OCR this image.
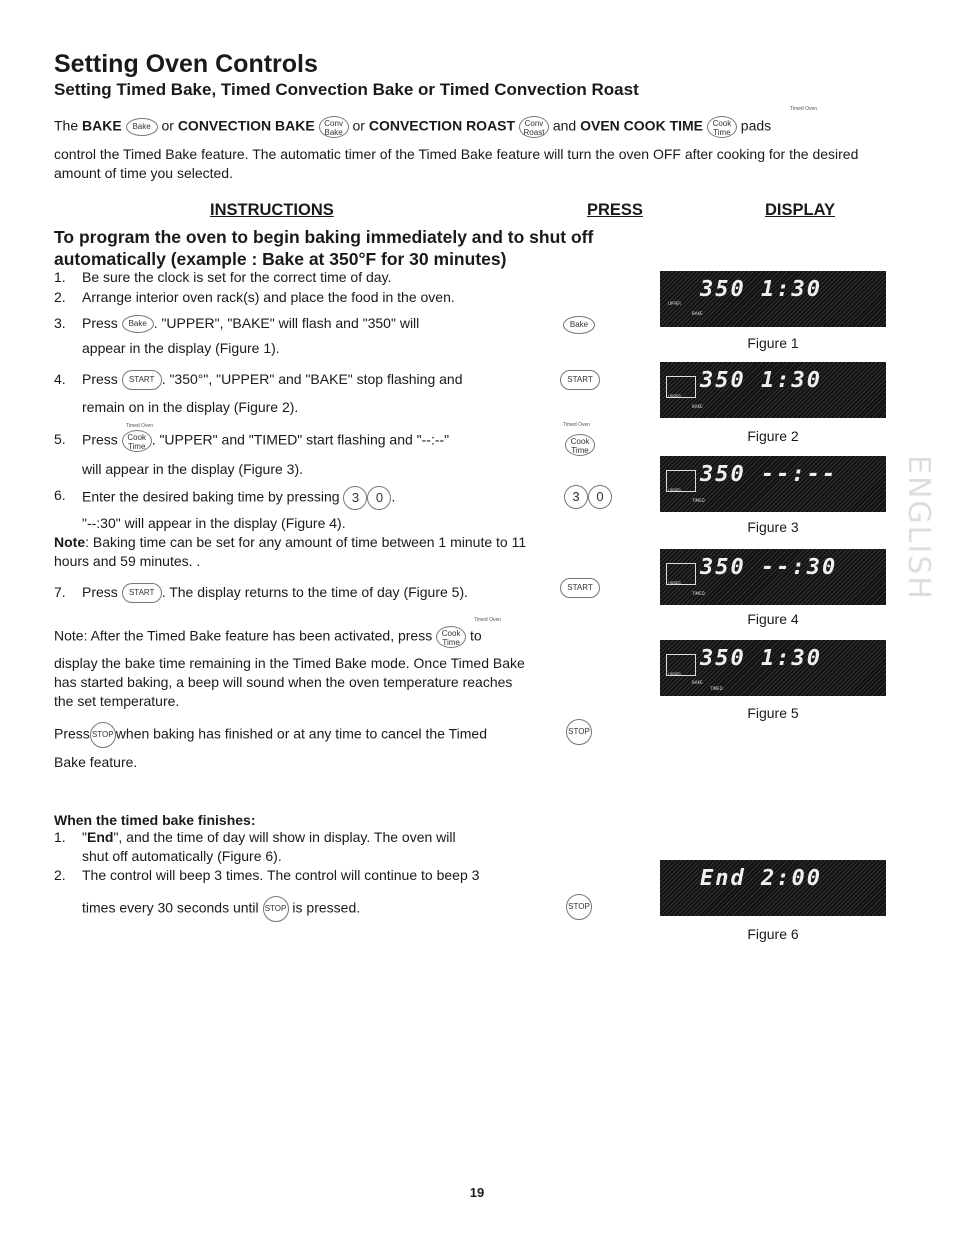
Setting Oven Controls
Setting Timed Bake, Timed Convection Bake or Timed Convection Roast
The BAKE Bake or CONVECTION BAKE Conv
Bake or CONVECTION ROAST Conv
Roast and OVEN COOK TIME Cook
Time pads
Timed Oven
control the Timed Bake feature. The automatic timer of the Timed Bake feature will turn the oven OFF after cooking for the desired amount of time you selected.
INSTRUCTIONS	PRESS	DISPLAY
To program the oven to begin baking immediately and to shut off
automatically (example : Bake at 350°F for 30 minutes)
1. Be sure the clock is set for the correct time of day.
2. Arrange interior oven rack(s) and place the food in the oven.
3. Press Bake . "UPPER", "BAKE" will flash and "350" will
appear in the display (Figure 1).
4. Press START . "350°", "UPPER" and "BAKE" stop flashing and
remain on in the display (Figure 2).
5. Press Cook
Time . "UPPER" and "TIMED" start flashing and "--:--"
will appear in the display (Figure 3).
Timed Oven
6. Enter the desired baking time by pressing 3 0 .
"--:30" will appear in the display (Figure 4).
Note: Baking time can be set for any amount of time between 1 minute to 11 hours and 59 minutes. .
7. Press START . The display returns to the time of day (Figure 5).
Note: After the Timed Bake feature has been activated, press Cook
Time to
Timed Oven
display the bake time remaining in the Timed Bake mode. Once Timed Bake has started baking, a beep will sound when the oven temperature reaches the set temperature.
Press STOP when baking has finished or at any time to cancel the Timed
Bake feature.
Bake
START
Timed Oven
Cook
Time
3	0
START
STOP
STOP
350 1:30
UPPER
BAKE
Figure 1
350 1:30
UPPER
BAKE
Figure 2
350 --:--
UPPER
TIMED
Figure 3
350 --:30
UPPER
TIMED
Figure 4
350 1:30
UPPER
BAKE
TIMED
Figure 5
End 2:00
Figure 6
ENGLISH
When the timed bake finishes:
1. "End", and the time of day will show in display. The oven will
shut off automatically (Figure 6).
2. The control will beep 3 times. The control will continue to beep 3
times every 30 seconds until STOP is pressed.
19
